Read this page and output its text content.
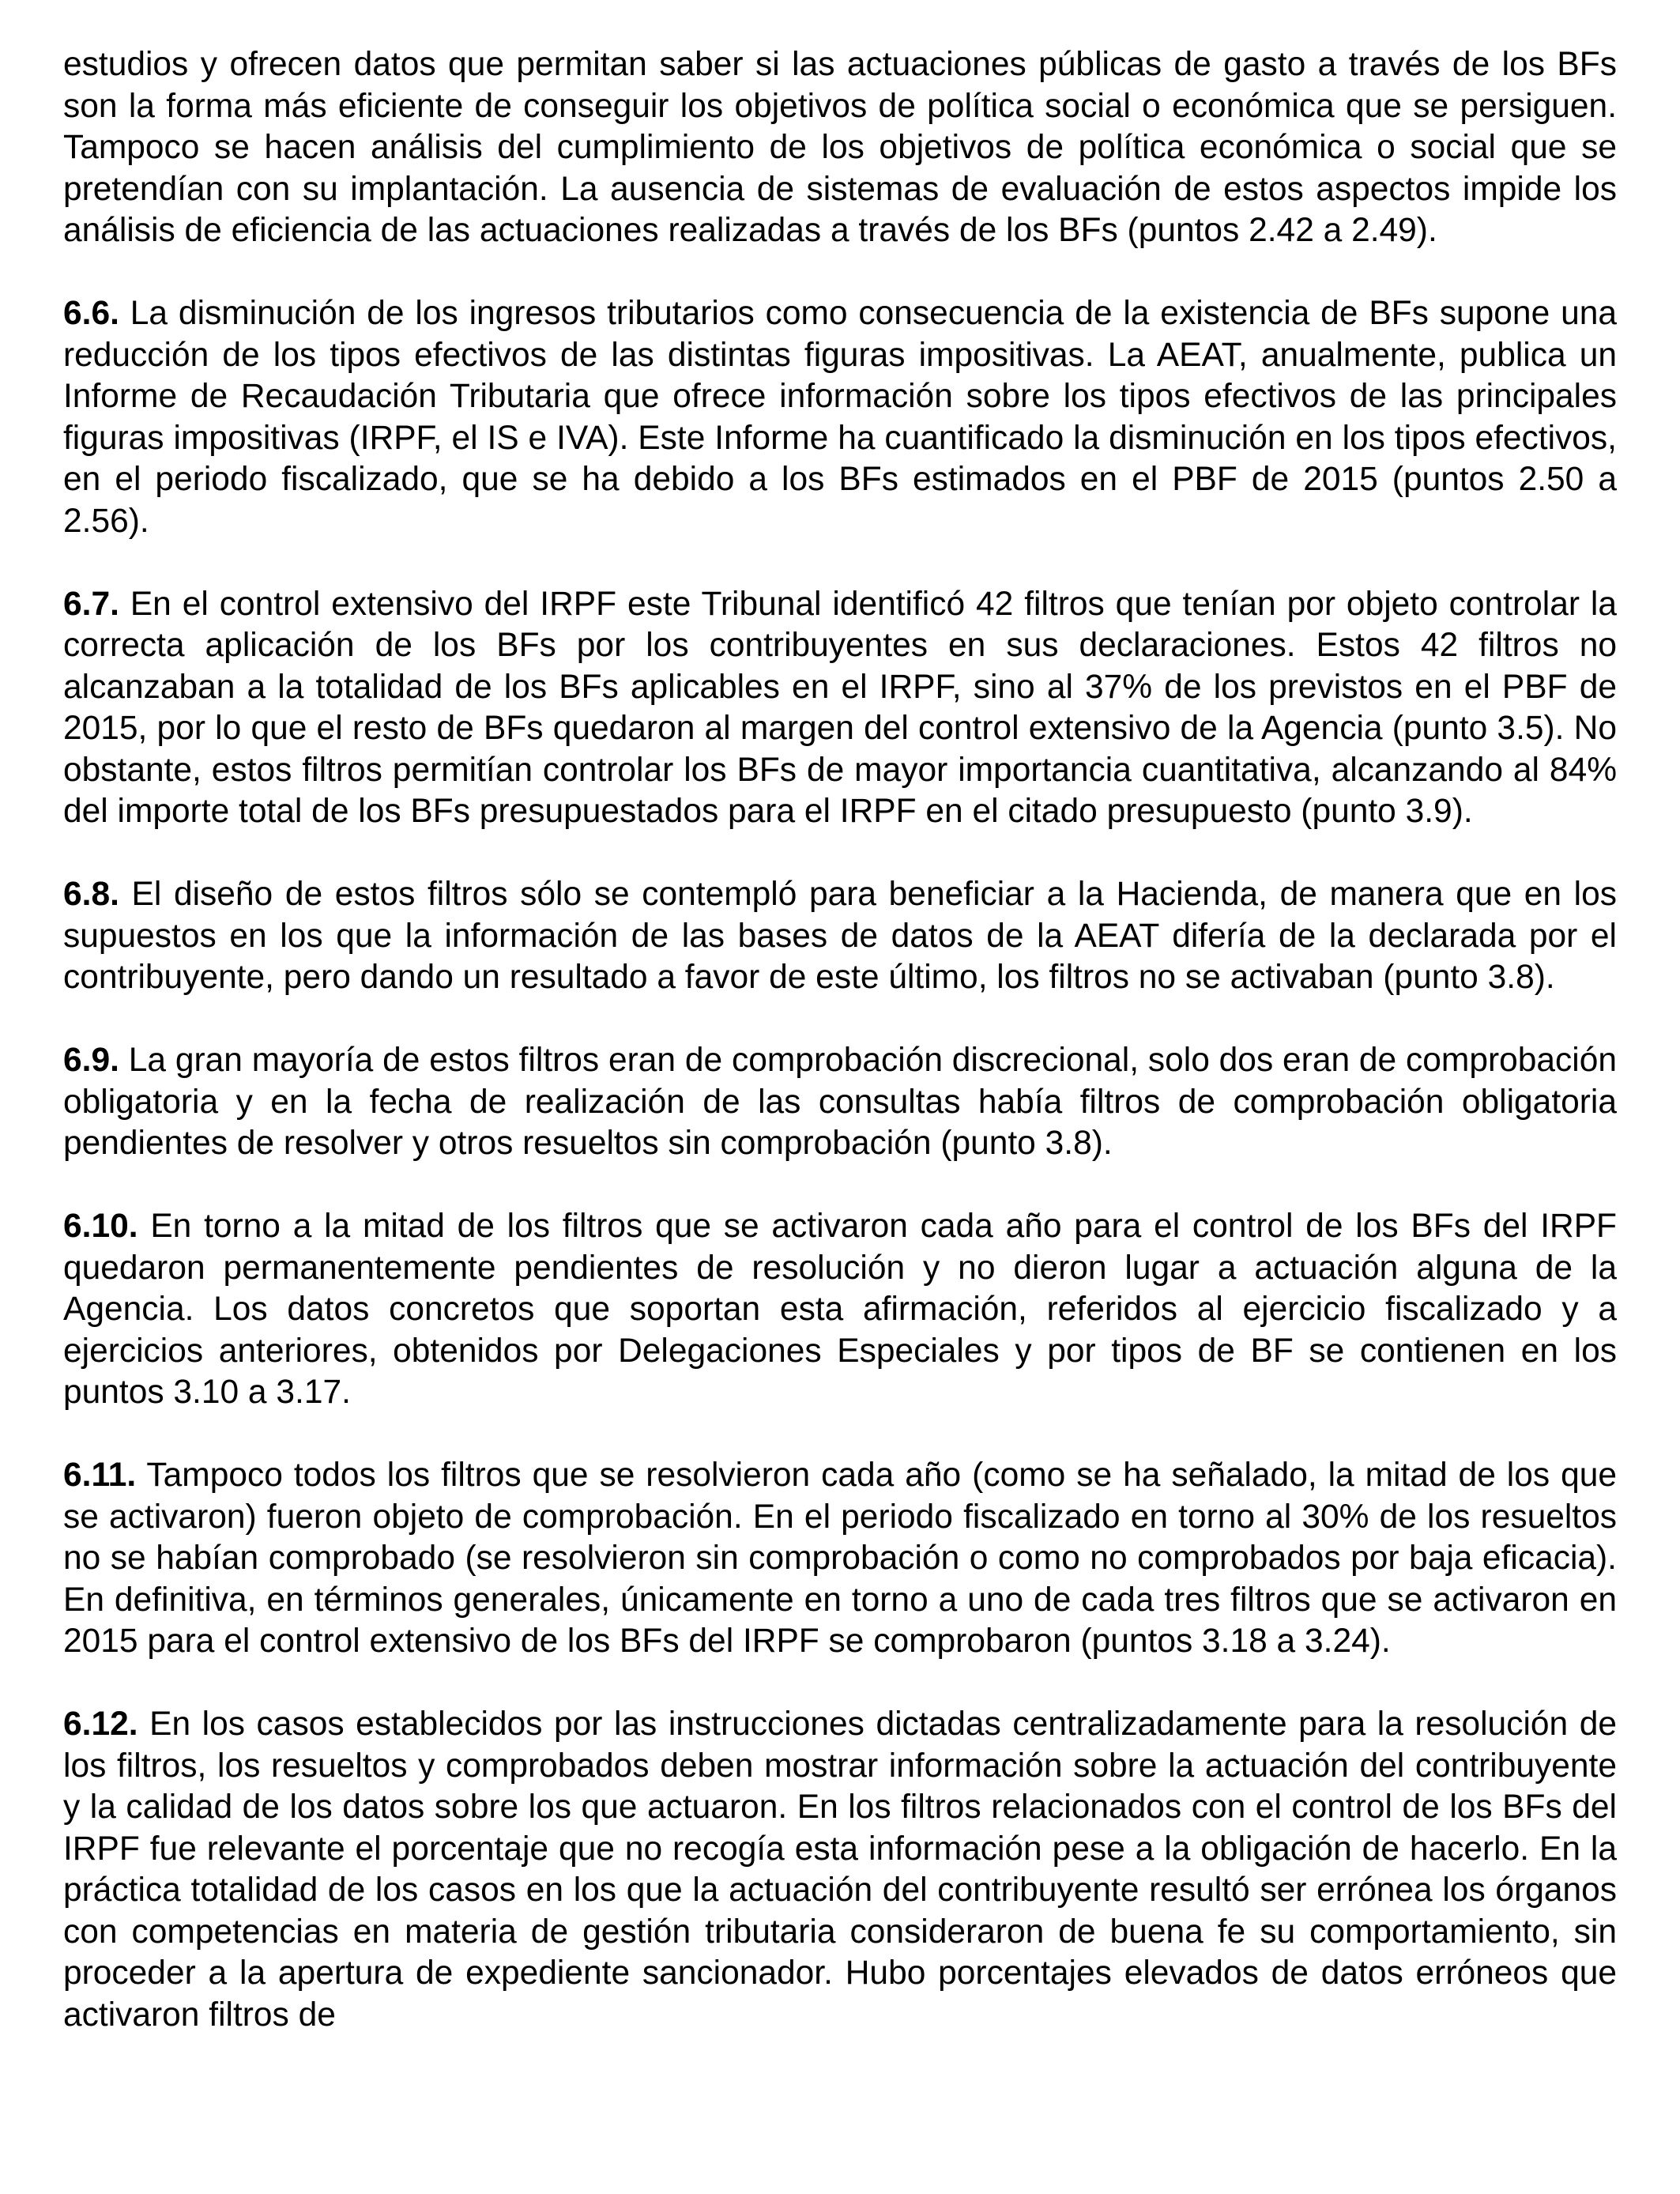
estudios y ofrecen datos que permitan saber si las actuaciones públicas de gasto a través de los BFs son la forma más eficiente de conseguir los objetivos de política social o económica que se persiguen. Tampoco se hacen análisis del cumplimiento de los objetivos de política económica o social que se pretendían con su implantación. La ausencia de sistemas de evaluación de estos aspectos impide los análisis de eficiencia de las actuaciones realizadas a través de los BFs (puntos 2.42 a 2.49).

6.6. La disminución de los ingresos tributarios como consecuencia de la existencia de BFs supone una reducción de los tipos efectivos de las distintas figuras impositivas. La AEAT, anualmente, publica un Informe de Recaudación Tributaria que ofrece información sobre los tipos efectivos de las principales figuras impositivas (IRPF, el IS e IVA). Este Informe ha cuantificado la disminución en los tipos efectivos, en el periodo fiscalizado, que se ha debido a los BFs estimados en el PBF de 2015 (puntos 2.50 a 2.56).

6.7. En el control extensivo del IRPF este Tribunal identificó 42 filtros que tenían por objeto controlar la correcta aplicación de los BFs por los contribuyentes en sus declaraciones. Estos 42 filtros no alcanzaban a la totalidad de los BFs aplicables en el IRPF, sino al 37% de los previstos en el PBF de 2015, por lo que el resto de BFs quedaron al margen del control extensivo de la Agencia (punto 3.5). No obstante, estos filtros permitían controlar los BFs de mayor importancia cuantitativa, alcanzando al 84% del importe total de los BFs presupuestados para el IRPF en el citado presupuesto (punto 3.9).

6.8. El diseño de estos filtros sólo se contempló para beneficiar a la Hacienda, de manera que en los supuestos en los que la información de las bases de datos de la AEAT difería de la declarada por el contribuyente, pero dando un resultado a favor de este último, los filtros no se activaban (punto 3.8).

6.9. La gran mayoría de estos filtros eran de comprobación discrecional, solo dos eran de comprobación obligatoria y en la fecha de realización de las consultas había filtros de comprobación obligatoria pendientes de resolver y otros resueltos sin comprobación (punto 3.8).

6.10. En torno a la mitad de los filtros que se activaron cada año para el control de los BFs del IRPF quedaron permanentemente pendientes de resolución y no dieron lugar a actuación alguna de la Agencia. Los datos concretos que soportan esta afirmación, referidos al ejercicio fiscalizado y a ejercicios anteriores, obtenidos por Delegaciones Especiales y por tipos de BF se contienen en los puntos 3.10 a 3.17.

6.11. Tampoco todos los filtros que se resolvieron cada año (como se ha señalado, la mitad de los que se activaron) fueron objeto de comprobación. En el periodo fiscalizado en torno al 30% de los resueltos no se habían comprobado (se resolvieron sin comprobación o como no comprobados por baja eficacia). En definitiva, en términos generales, únicamente en torno a uno de cada tres filtros que se activaron en 2015 para el control extensivo de los BFs del IRPF se comprobaron (puntos 3.18 a 3.24).

6.12. En los casos establecidos por las instrucciones dictadas centralizadamente para la resolución de los filtros, los resueltos y comprobados deben mostrar información sobre la actuación del contribuyente y la calidad de los datos sobre los que actuaron. En los filtros relacionados con el control de los BFs del IRPF fue relevante el porcentaje que no recogía esta información pese a la obligación de hacerlo. En la práctica totalidad de los casos en los que la actuación del contribuyente resultó ser errónea los órganos con competencias en materia de gestión tributaria consideraron de buena fe su comportamiento, sin proceder a la apertura de expediente sancionador. Hubo porcentajes elevados de datos erróneos que activaron filtros de
